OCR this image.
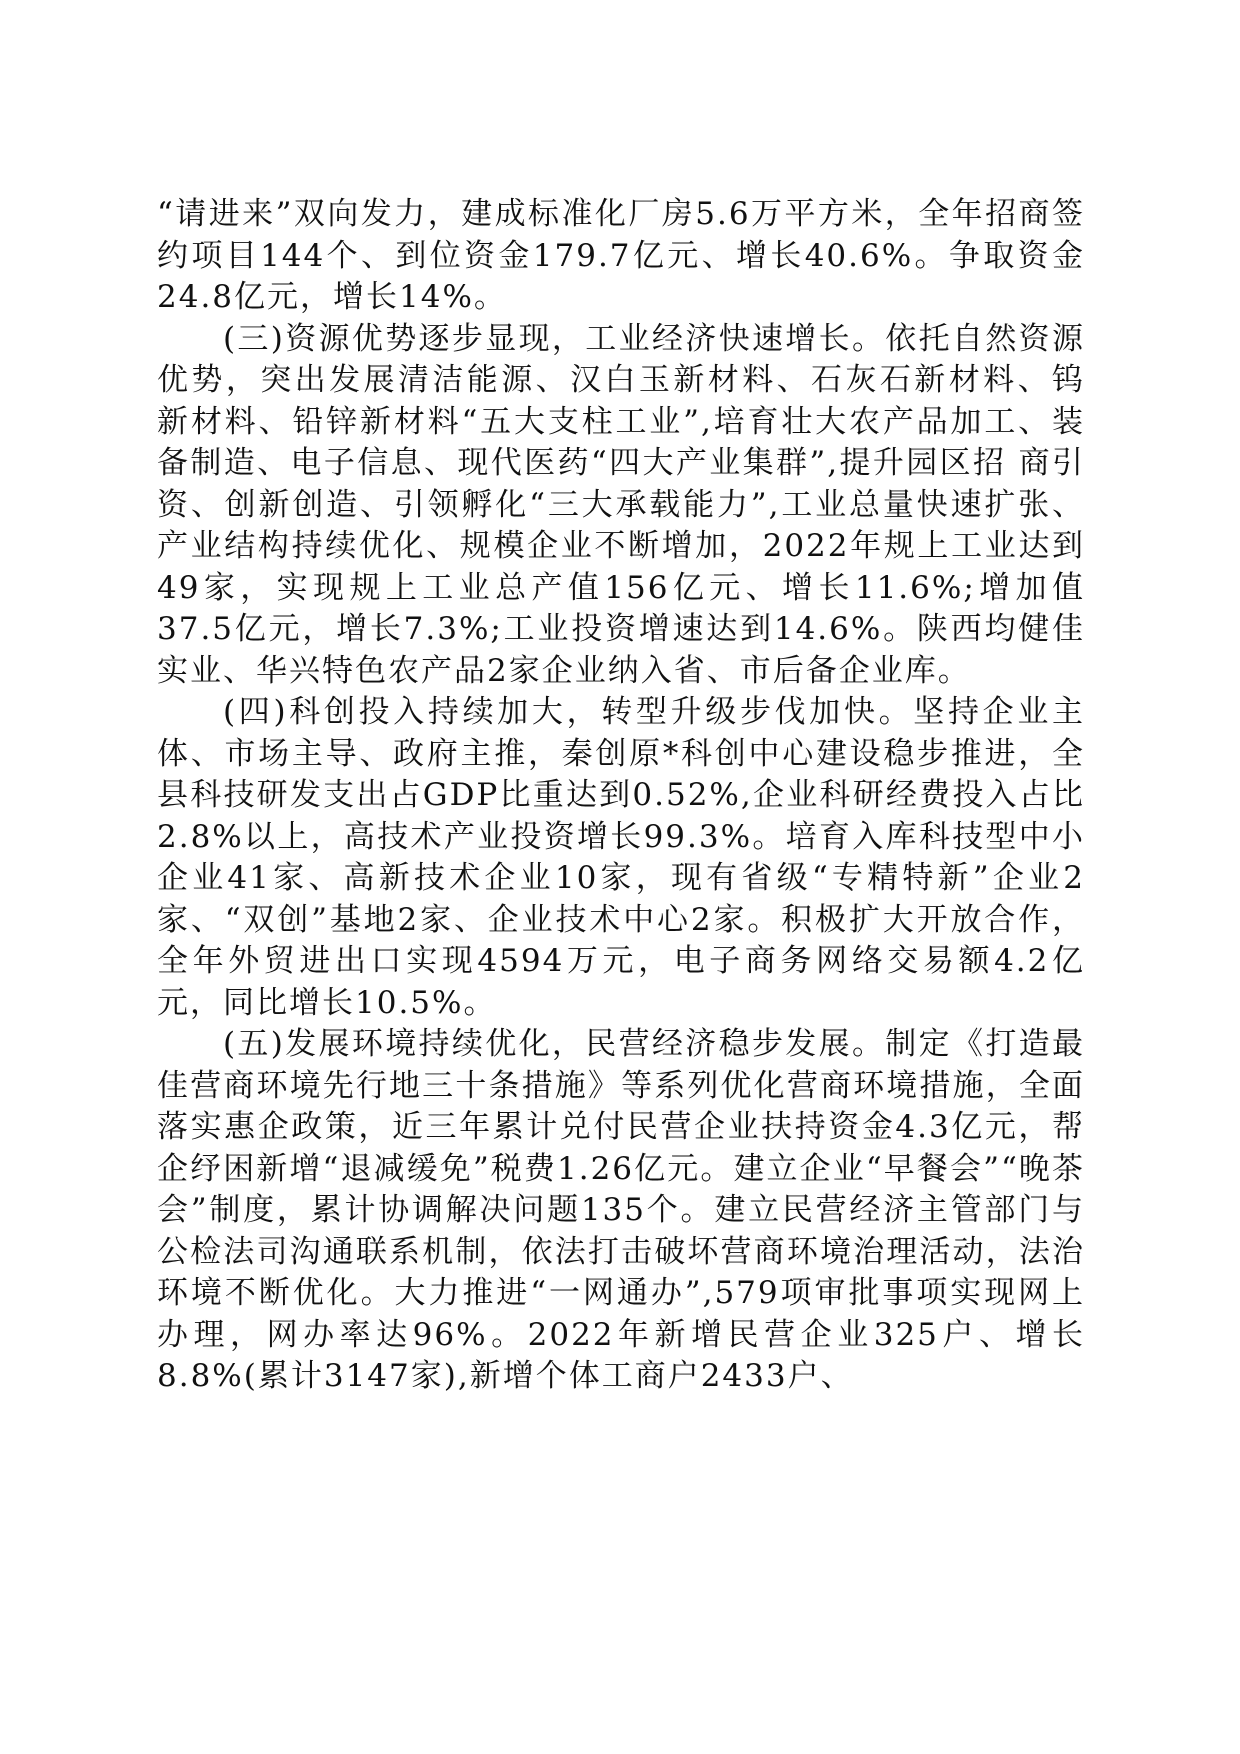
“请进来”双向发力，建成标准化厂房5.6万平方米，全年招商签约项目144个、到位资金179.7亿元、增长40.6%。争取资金24.8亿元，增长14%。

(三)资源优势逐步显现，工业经济快速增长。依托自然资源优势，突出发展清洁能源、汉白玉新材料、石灰石新材料、钨 新材料、铅锌新材料“五大支柱工业”,培育壮大农产品加工、装备制造、电子信息、现代医药“四大产业集群”,提升园区招 商引资、创新创造、引领孵化“三大承载能力”,工业总量快速扩张、产业结构持续优化、规模企业不断增加，2022年规上工业达到49家，实现规上工业总产值156亿元、增长11.6%;增加值37.5亿元，增长7.3%;工业投资增速达到14.6%。陕西均健佳实业、华兴特色农产品2家企业纳入省、市后备企业库。

(四)科创投入持续加大，转型升级步伐加快。坚持企业主体、市场主导、政府主推，秦创原*科创中心建设稳步推进，全县科技研发支出占GDP比重达到0.52%,企业科研经费投入占比2.8%以上，高技术产业投资增长99.3%。培育入库科技型中小企业41家、高新技术企业10家，现有省级“专精特新”企业2家、“双创”基地2家、企业技术中心2家。积极扩大开放合作，全年外贸进出口实现4594万元，电子商务网络交易额4.2亿元，同比增长10.5%。

(五)发展环境持续优化，民营经济稳步发展。制定《打造最佳营商环境先行地三十条措施》等系列优化营商环境措施，全面落实惠企政策，近三年累计兑付民营企业扶持资金4.3亿元，帮企纾困新增“退减缓免”税费1.26亿元。建立企业“早餐会”“晚茶会”制度，累计协调解决问题135个。建立民营经济主管部门与公检法司沟通联系机制，依法打击破坏营商环境治理活动，法治环境不断优化。大力推进“一网通办”,579项审批事项实现网上办理，网办率达96%。2022年新增民营企业325户、增长8.8%(累计3147家),新增个体工商户2433户、
